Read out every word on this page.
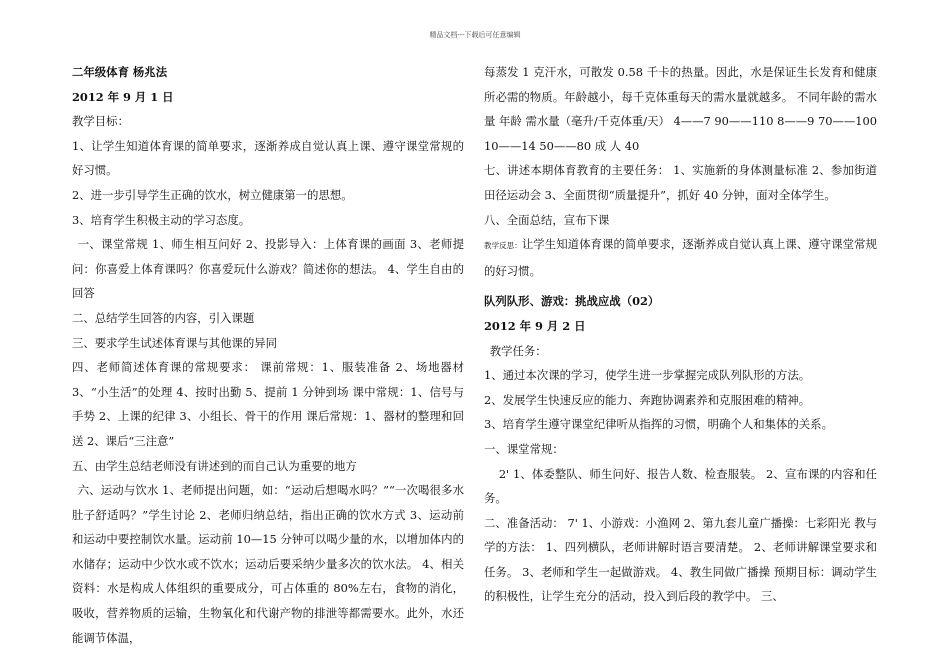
精品文档---下载后可任意编辑

二年级体育 杨兆法

2012 年 9 月 1 日

教学目标：

1、让学生知道体育课的简单要求，逐渐养成自觉认真上课、遵守课堂常规的好习惯。

2、进一步引导学生正确的饮水，树立健康第一的思想。

3、培育学生积极主动的学习态度。

一、课堂常规 1、师生相互问好 2、投影导入：上体育课的画面 3、老师提问：你喜爱上体育课吗？你喜爱玩什么游戏？简述你的想法。 4、学生自由的回答

二、总结学生回答的内容，引入课题

三、要求学生试述体育课与其他课的异同

四、老师简述体育课的常规要求： 课前常规：1、服装准备 2、场地器材 3、“小生活”的处理 4、按时出勤 5、提前 1 分钟到场 课中常规：1、信号与手势 2、上课的纪律 3、小组长、骨干的作用 课后常规：1、器材的整理和回送 2、课后“三注意”

五、由学生总结老师没有讲述到的而自己认为重要的地方

六、运动与饮水 1、老师提出问题，如：“运动后想喝水吗？”“一次喝很多水肚子舒适吗？”学生讨论 2、老师归纳总结，指出正确的饮水方式 3、运动前和运动中要控制饮水量。运动前 10—15 分钟可以喝少量的水，以增加体内的水储存；运动中少饮水或不饮水；运动后要采纳少量多次的饮水法。 4、相关资料：水是构成人体组织的重要成分，可占体重的 80%左右，食物的消化，吸收，营养物质的运输，生物氧化和代谢产物的排泄等都需要水。此外，水还能调节体温，

每蒸发 1 克汗水，可散发 0.58 千卡的热量。因此，水是保证生长发育和健康所必需的物质。年龄越小，每千克体重每天的需水量就越多。 不同年龄的需水量 年龄 需水量（毫升/千克体重/天） 4——7 90——110 8——9 70——100 10——14 50——80 成 人 40

七、讲述本期体育教育的主要任务： 1、实施新的身体测量标准 2、参加街道田径运动会 3、全面贯彻“质量提升”，抓好 40 分钟，面对全体学生。

八、全面总结，宣布下课

教学反思：让学生知道体育课的简单要求，逐渐养成自觉认真上课、遵守课堂常规的好习惯。

队列队形、游戏：挑战应战（02）

2012 年 9 月 2 日

教学任务：

1、通过本次课的学习，使学生进一步掌握完成队列队形的方法。

2、发展学生快速反应的能力、奔跑协调素养和克服困难的精神。

3、培育学生遵守课堂纪律听从指挥的习惯，明确个人和集体的关系。

一、课堂常规：

2' 1、体委整队、师生问好、报告人数、检查服装。 2、宣布课的内容和任务。

二、准备活动： 7' 1、小游戏：小渔网 2、第九套儿童广播操：七彩阳光 教与学的方法： 1、四列横队，老师讲解时语言要清楚。 2、老师讲解课堂要求和任务。 3、老师和学生一起做游戏。 4、教生同做广播操 预期目标：调动学生的积极性，让学生充分的活动，投入到后段的教学中。 三、
